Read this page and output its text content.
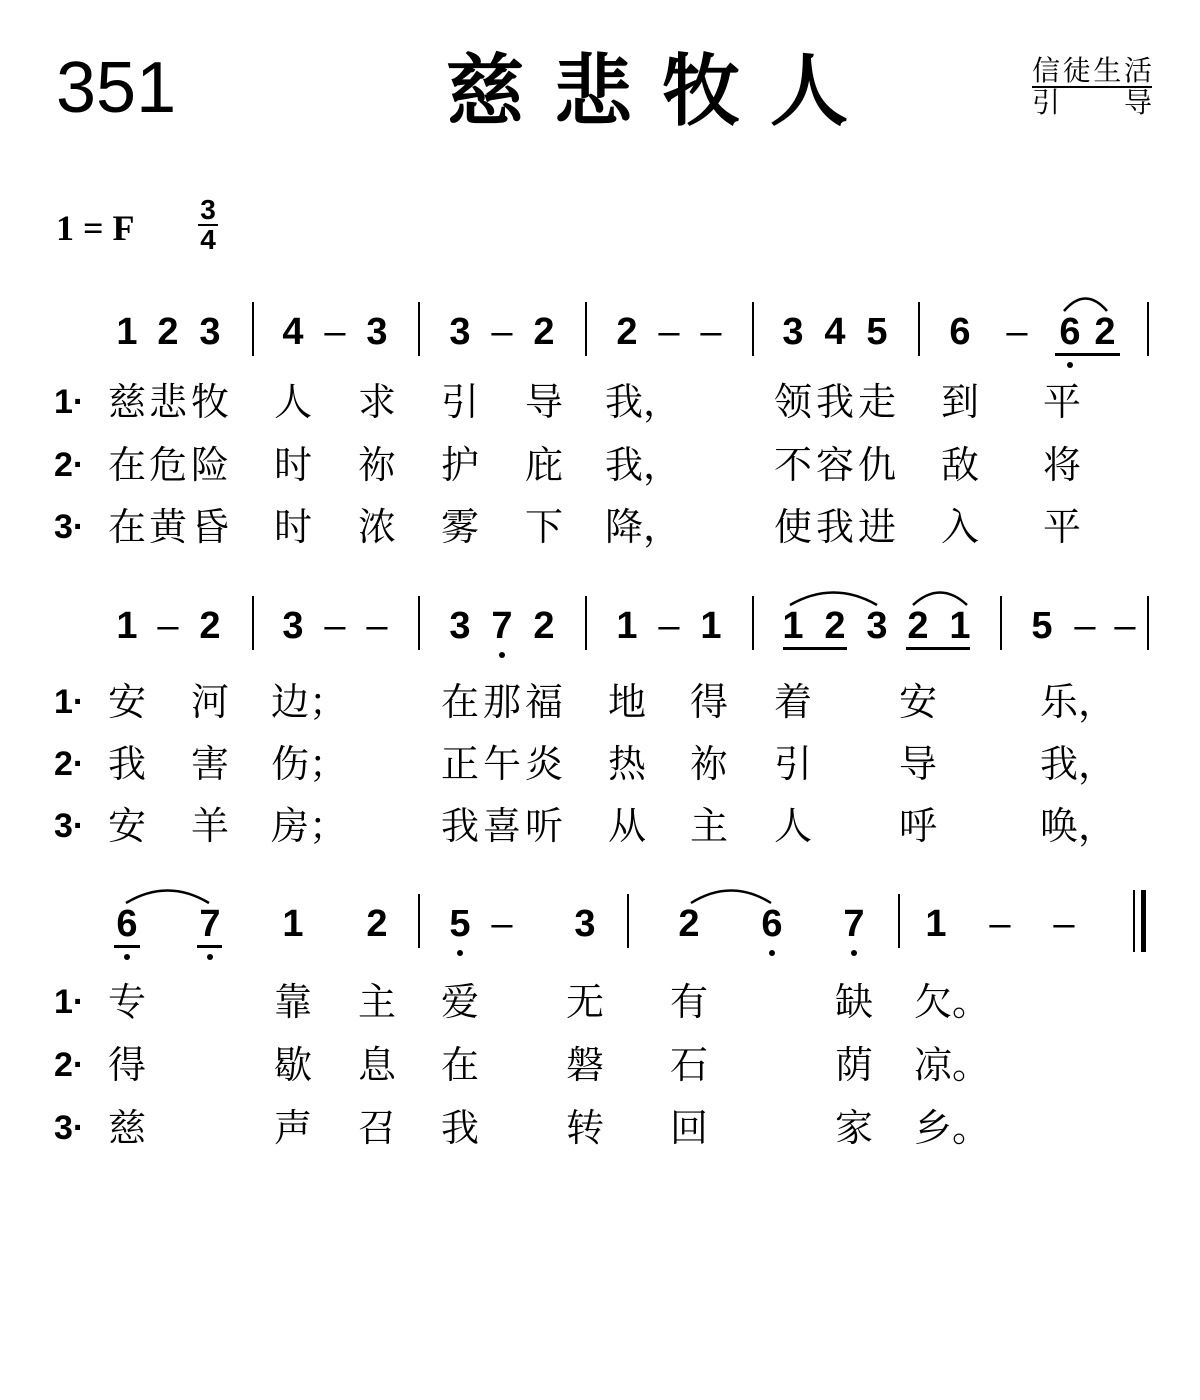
351	慈悲牧人	信徒生活
引　　导
1 = F 3
4
1 2 3 4 – 3 3 – 2 2 – – 3 4 5 6 – 6 2
1· 慈 悲 牧 人 求 引 导 我， 领 我 走 到 平
2· 在 危 险 时 祢 护 庇 我， 不 容 仇 敌 将
3· 在 黄 昏 时 浓 雾 下 降， 使 我 进 入 平
1 – 2 3 – – 3 7 2 1 – 1 1 2 3 2 1 5 – –
1· 安 河 边； 在 那 福 地 得 着 安	乐，
2· 我 害 伤； 正 午 炎 热 祢 引 导	我，
3· 安 羊 房； 我 喜 听 从 主 人 呼	唤，
6 7 1 2 5 – 3 2 6 7 1 – –
1· 专	靠 主 爱 无 有	缺 欠。
2· 得	歇 息 在 磐 石	荫 凉。
3· 慈	声 召 我 转 回	家 乡。
